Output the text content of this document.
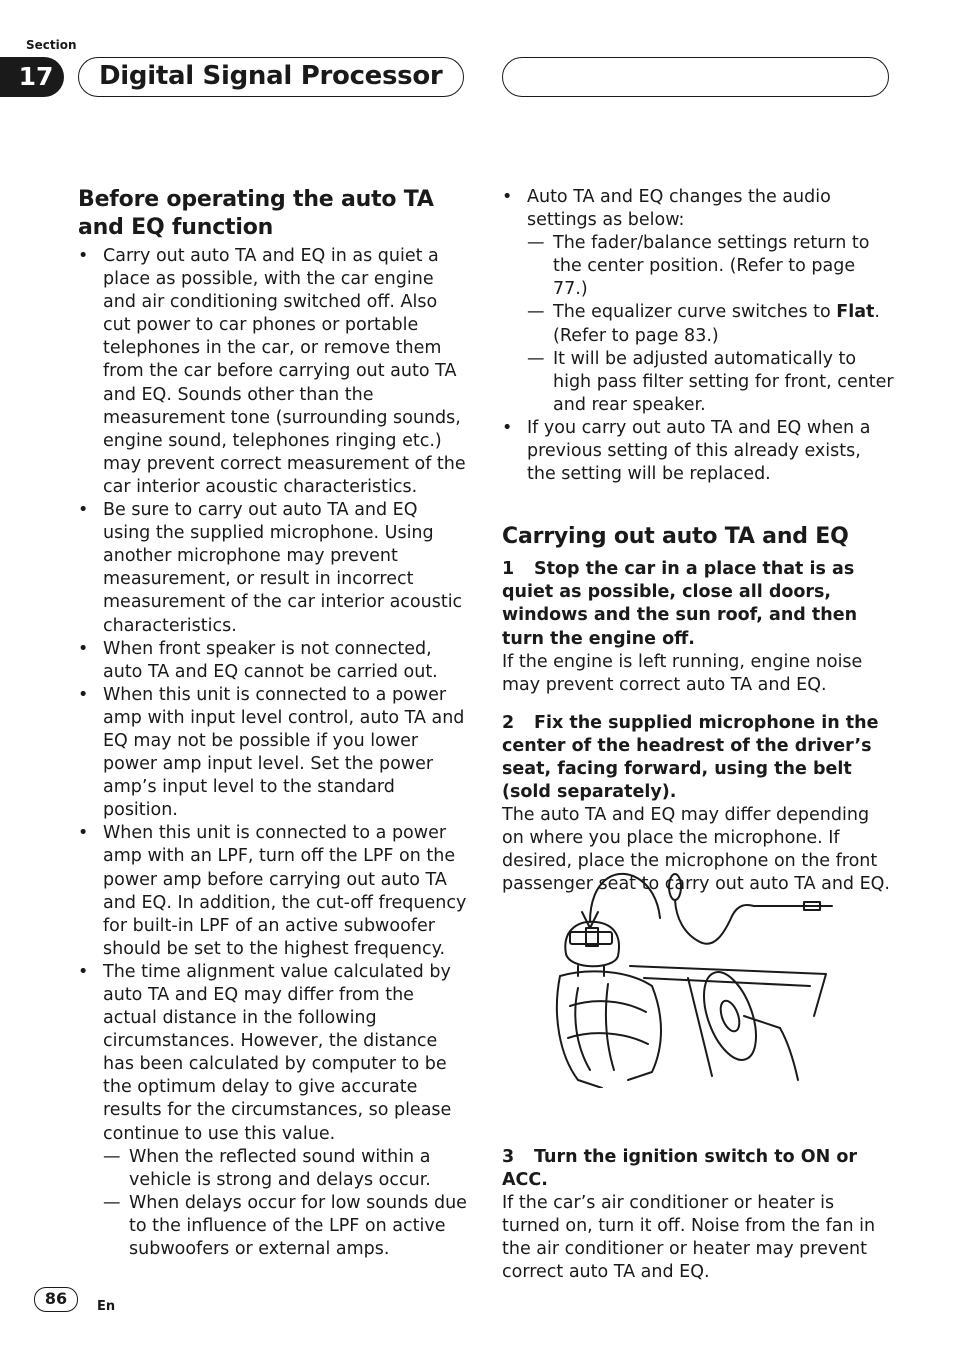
Section
17	Digital Signal Processor
Before operating the auto TA
and EQ function
• Carry out auto TA and EQ in as quiet a place as possible, with the car engine and air conditioning switched off. Also cut power to car phones or portable telephones in the car, or remove them from the car before carrying out auto TA and EQ. Sounds other than the measurement tone (surrounding sounds, engine sound, telephones ringing etc.) may prevent correct measurement of the car interior acoustic characteristics.
• Be sure to carry out auto TA and EQ using the supplied microphone. Using another microphone may prevent measurement, or result in incorrect measurement of the car interior acoustic characteristics.
• When front speaker is not connected, auto TA and EQ cannot be carried out.
• When this unit is connected to a power amp with input level control, auto TA and EQ may not be possible if you lower power amp input level. Set the power amp’s input level to the standard position.
• When this unit is connected to a power amp with an LPF, turn off the LPF on the power amp before carrying out auto TA and EQ. In addition, the cut-off frequency for built-in LPF of an active subwoofer should be set to the highest frequency.
• The time alignment value calculated by auto TA and EQ may differ from the actual distance in the following circumstances. However, the distance has been calculated by computer to be the optimum delay to give accurate results for the circumstances, so please continue to use this value.
— When the reflected sound within a vehicle is strong and delays occur.
— When delays occur for low sounds due to the influence of the LPF on active subwoofers or external amps.
• Auto TA and EQ changes the audio settings as below:
— The fader/balance settings return to the center position. (Refer to page 77.)
— The equalizer curve switches to Flat. (Refer to page 83.)
— It will be adjusted automatically to high pass filter setting for front, center and rear speaker.
• If you carry out auto TA and EQ when a previous setting of this already exists, the setting will be replaced.
Carrying out auto TA and EQ

1 Stop the car in a place that is as quiet as possible, close all doors, windows and the sun roof, and then turn the engine off.

If the engine is left running, engine noise may prevent correct auto TA and EQ.

2 Fix the supplied microphone in the center of the headrest of the driver’s seat, facing forward, using the belt (sold separately).

The auto TA and EQ may differ depending on where you place the microphone. If desired, place the microphone on the front passenger seat to carry out auto TA and EQ.

3 Turn the ignition switch to ON or ACC.

If the car’s air conditioner or heater is turned on, turn it off. Noise from the fan in the air conditioner or heater may prevent correct auto TA and EQ.

86	En
